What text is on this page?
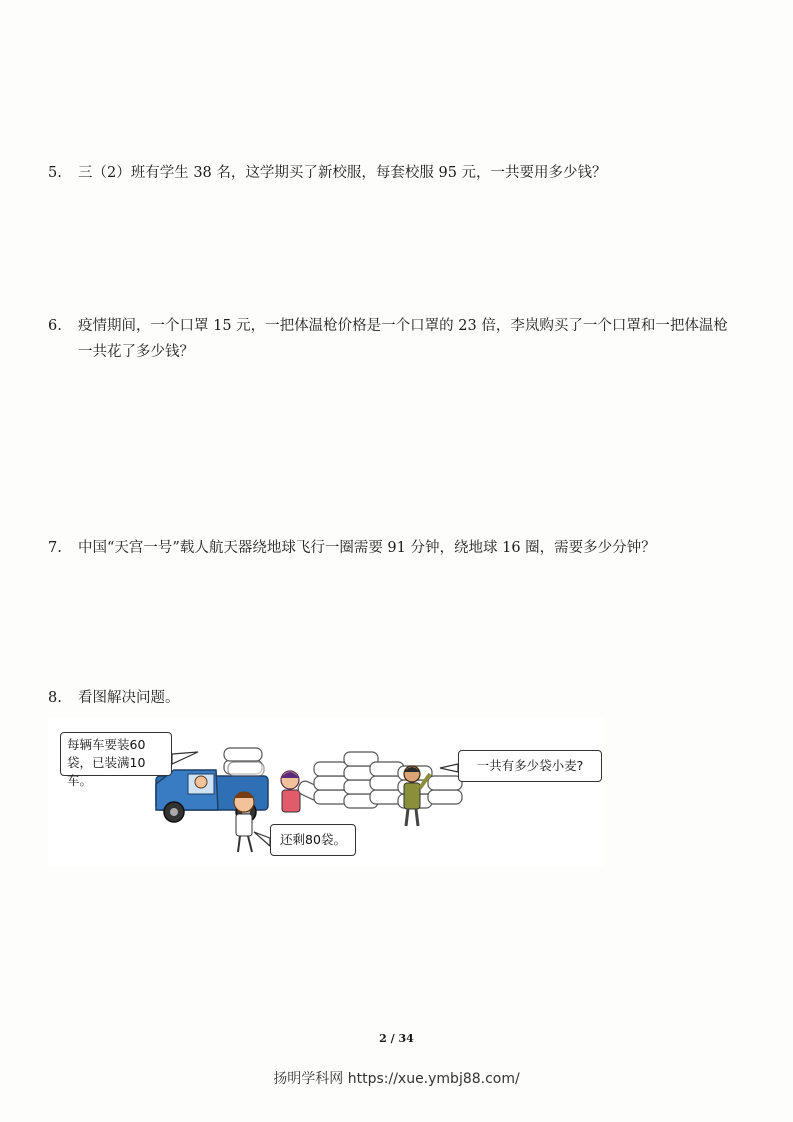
5. 三（2）班有学生 38 名，这学期买了新校服，每套校服 95 元，一共要用多少钱？
6. 疫情期间，一个口罩 15 元，一把体温枪价格是一个口罩的 23 倍，李岚购买了一个口罩和一把体温枪一共花了多少钱？
7. 中国“天宫一号”载人航天器绕地球飞行一圈需要 91 分钟，绕地球 16 圈，需要多少分钟？
8. 看图解决问题。
每辆车要装60袋，已装满10车。
还剩80袋。
一共有多少袋小麦?
2 / 34
扬明学科网 https://xue.ymbj88.com/
